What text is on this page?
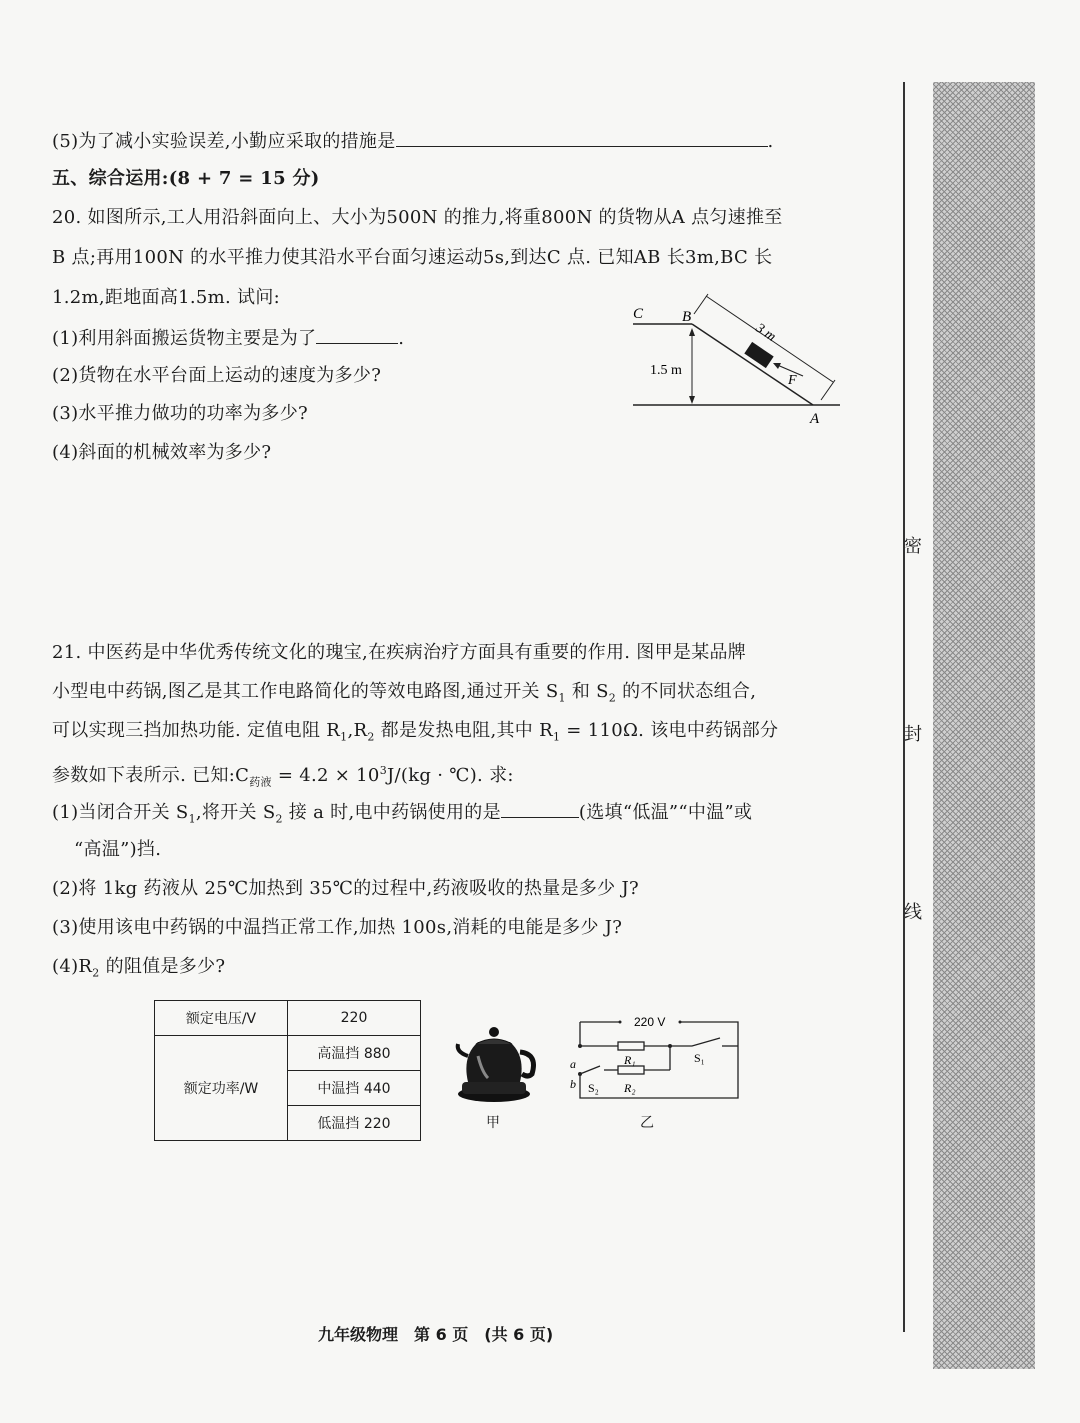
(5)为了减小实验误差,小勤应采取的措施是	.
五、综合运用:(8 + 7 = 15 分)
20. 如图所示,工人用沿斜面向上、大小为500N 的推力,将重800N 的货物从A 点匀速推至
B 点;再用100N 的水平推力使其沿水平台面匀速运动5s,到达C 点. 已知AB 长3m,BC 长
1.2m,距地面高1.5m. 试问:
(1)利用斜面搬运货物主要是为了	.
(2)货物在水平台面上运动的速度为多少?
(3)水平推力做功的功率为多少?
(4)斜面的机械效率为多少?
C	B
A
F
3 m
1.5 m
21. 中医药是中华优秀传统文化的瑰宝,在疾病治疗方面具有重要的作用. 图甲是某品牌
小型电中药锅,图乙是其工作电路简化的等效电路图,通过开关 $S_1$ 和 $S_2$ 的不同状态组合,
可以实现三挡加热功能. 定值电阻 $R_1,R_2$ 都是发热电阻,其中 $R_1 = 110\Omega$. 该电中药锅部分
参数如下表所示. 已知$:C_{药液} = 4.2 \times 10^3J/(kg$ · ℃). 求:
(1)当闭合开关 $S_1$,将开关 $S_2$ 接 a 时,电中药锅使用的是	(选填“低温”“中温”或
“高温”)挡.
(2)将 1kg 药液从 25℃加热到 35℃的过程中,药液吸收的热量是多少 J?
(3)使用该电中药锅的中温挡正常工作,加热 100s,消耗的电能是多少 J?
$(4)R_2$ 的阻值是多少?
额定电压/V	220
额定功率/W	高温挡 880
	中温挡 440
	低温挡 220	甲
220 V
a
b
R₁
R₂
S₁
S₂
乙
密
封
线
九年级物理　第 6 页　(共 6 页)
